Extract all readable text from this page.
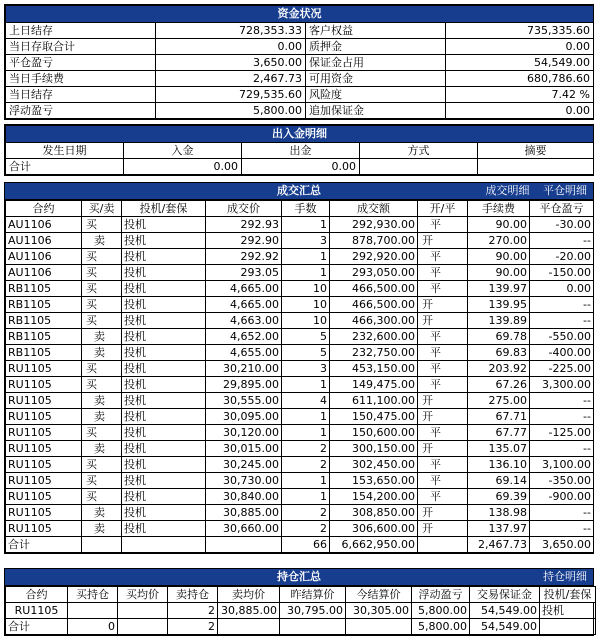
资金状况			
上日结存	728,353.33	客户权益	735,335.60
当日存取合计	0.00	质押金	0.00
平仓盈亏	3,650.00	保证金占用	54,549.00
当日手续费	2,467.73	可用资金	680,786.60
当日结存	729,535.60	风险度	7.42 %
浮动盈亏	5,800.00	追加保证金	0.00
出入金明细				
发生日期	入金	出金	方式	摘要
合计	0.00	0.00		
成交汇总	成交明细 平仓明细
合约	买/卖	投机/套保	成交价	手数	成交额	开/平	手续费	平仓盈亏
AU1106	买	投机	292.93	1	292,930.00	平	90.00	-30.00
AU1106	卖	投机	292.90	3	878,700.00	开	270.00	--
AU1106	买	投机	292.92	1	292,920.00	平	90.00	-20.00
AU1106	买	投机	293.05	1	293,050.00	平	90.00	-150.00
RB1105	买	投机	4,665.00	10	466,500.00	平	139.97	0.00
RB1105	买	投机	4,665.00	10	466,500.00	开	139.95	--
RB1105	买	投机	4,663.00	10	466,300.00	开	139.89	--
RB1105	卖	投机	4,652.00	5	232,600.00	平	69.78	-550.00
RB1105	卖	投机	4,655.00	5	232,750.00	平	69.83	-400.00
RU1105	买	投机	30,210.00	3	453,150.00	平	203.92	-225.00
RU1105	买	投机	29,895.00	1	149,475.00	平	67.26	3,300.00
RU1105	卖	投机	30,555.00	4	611,100.00	开	275.00	--
RU1105	卖	投机	30,095.00	1	150,475.00	开	67.71	--
RU1105	买	投机	30,120.00	1	150,600.00	平	67.77	-125.00
RU1105	卖	投机	30,015.00	2	300,150.00	开	135.07	--
RU1105	买	投机	30,245.00	2	302,450.00	平	136.10	3,100.00
RU1105	买	投机	30,730.00	1	153,650.00	平	69.14	-350.00
RU1105	买	投机	30,840.00	1	154,200.00	平	69.39	-900.00
RU1105	卖	投机	30,885.00	2	308,850.00	开	138.98	--
RU1105	卖	投机	30,660.00	2	306,600.00	开	137.97	--
合计				66	6,662,950.00		2,467.73	3,650.00
持仓汇总	持仓明细
合约	买持仓	买均价	卖持仓	卖均价	昨结算价	今结算价	浮动盈亏	交易保证金	投机/套保
RU1105			2	30,885.00	30,795.00	30,305.00	5,800.00	54,549.00	投机
合计	0		2				5,800.00	54,549.00	
